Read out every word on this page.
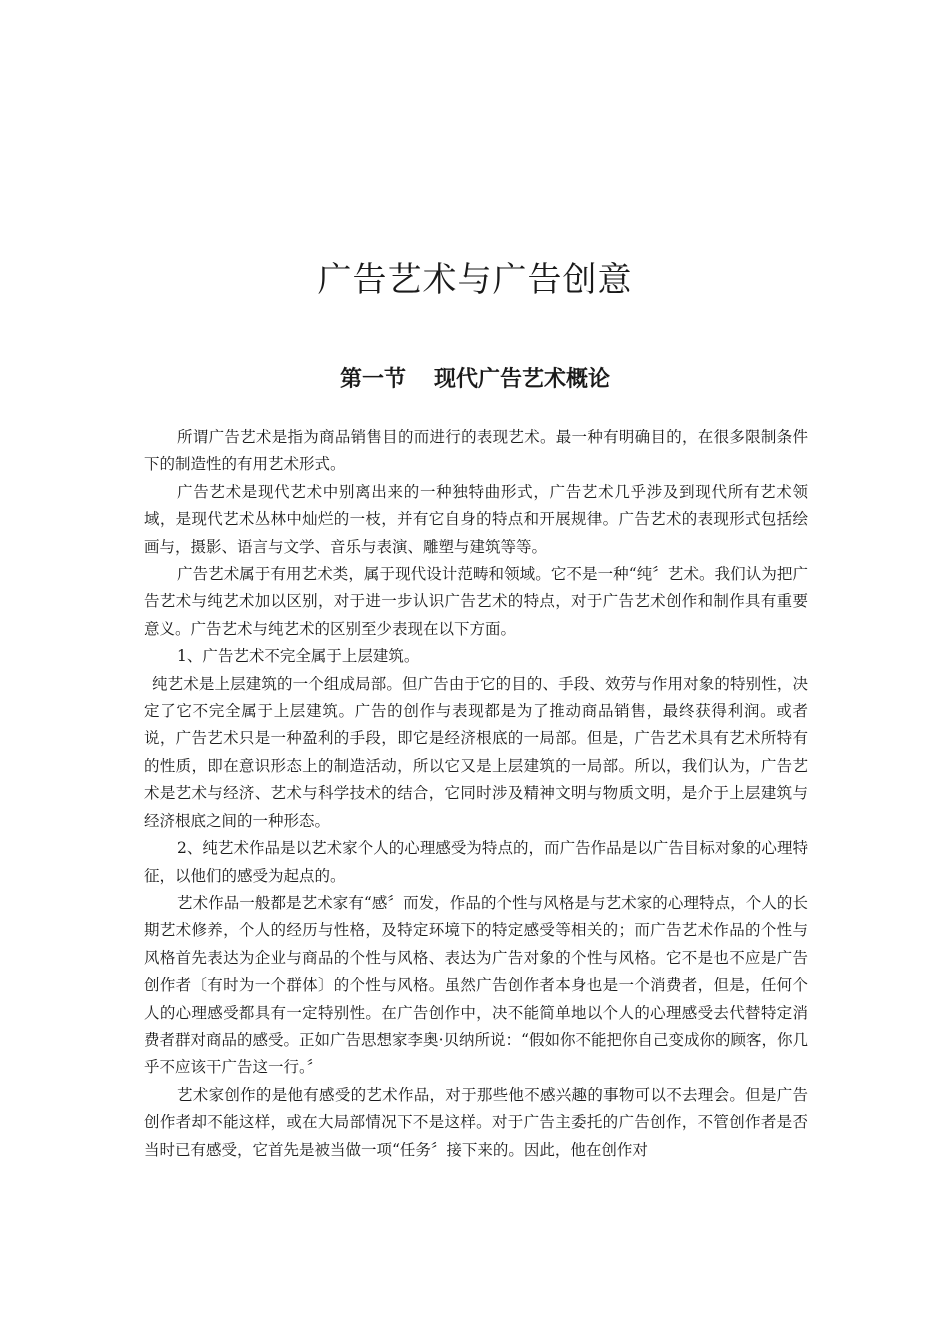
广告艺术与广告创意
第一节 现代广告艺术概论

所谓广告艺术是指为商品销售目的而进行的表现艺术。最一种有明确目的，在很多限制条件下的制造性的有用艺术形式。

广告艺术是现代艺术中别离出来的一种独特曲形式，广告艺术几乎涉及到现代所有艺术领域，是现代艺术丛林中灿烂的一枝，并有它自身的特点和开展规律。广告艺术的表现形式包括绘画与，摄影、语言与文学、音乐与表演、雕塑与建筑等等。

广告艺术属于有用艺术类，属于现代设计范畴和领域。它不是一种“纯〞艺术。我们认为把广告艺术与纯艺术加以区别，对于进一步认识广告艺术的特点，对于广告艺术创作和制作具有重要意义。广告艺术与纯艺术的区别至少表现在以下方面。

1、广告艺术不完全属于上层建筑。

纯艺术是上层建筑的一个组成局部。但广告由于它的目的、手段、效劳与作用对象的特别性，决定了它不完全属于上层建筑。广告的创作与表现都是为了推动商品销售，最终获得利润。或者说，广告艺术只是一种盈利的手段，即它是经济根底的一局部。但是，广告艺术具有艺术所特有的性质，即在意识形态上的制造活动，所以它又是上层建筑的一局部。所以，我们认为，广告艺术是艺术与经济、艺术与科学技术的结合，它同时涉及精神文明与物质文明，是介于上层建筑与经济根底之间的一种形态。

2、纯艺术作品是以艺术家个人的心理感受为特点的，而广告作品是以广告目标对象的心理特征，以他们的感受为起点的。

艺术作品一般都是艺术家有“感〞而发，作品的个性与风格是与艺术家的心理特点，个人的长期艺术修养，个人的经历与性格，及特定环境下的特定感受等相关的；而广告艺术作品的个性与风格首先表达为企业与商品的个性与风格、表达为广告对象的个性与风格。它不是也不应是广告创作者〔有时为一个群体〕的个性与风格。虽然广告创作者本身也是一个消费者，但是，任何个人的心理感受都具有一定特别性。在广告创作中，决不能简单地以个人的心理感受去代替特定消费者群对商品的感受。正如广告思想家李奥·贝纳所说：“假如你不能把你自己变成你的顾客，你几乎不应该干广告这一行。〞

艺术家创作的是他有感受的艺术作品，对于那些他不感兴趣的事物可以不去理会。但是广告创作者却不能这样，或在大局部情况下不是这样。对于广告主委托的广告创作，不管创作者是否当时已有感受，它首先是被当做一项“任务〞接下来的。因此，他在创作对
